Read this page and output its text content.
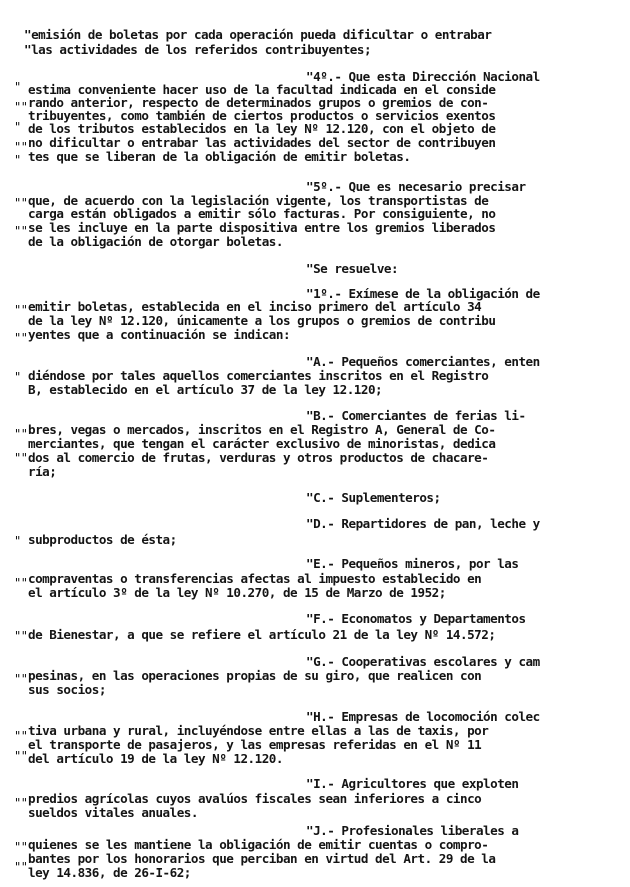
"emisión de boletas por cada operación pueda dificultar o entrabar
"las actividades de los referidos contribuyentes;
"4º.- Que esta Dirección Nacional
estima conveniente hacer uso de la facultad indicada en el conside
rando anterior, respecto de determinados grupos o gremios de con-
tribuyentes, como también de ciertos productos o servicios exentos
de los tributos establecidos en la ley Nº 12.120, con el objeto de
no dificultar o entrabar las actividades del sector de contribuyen
tes que se liberan de la obligación de emitir boletas.
"5º.- Que es necesario precisar
que, de acuerdo con la legislación vigente, los transportistas de
carga están obligados a emitir sólo facturas. Por consiguiente, no
se les incluye en la parte dispositiva entre los gremios liberados
de la obligación de otorgar boletas.
"Se resuelve:
"1º.- Exímese de la obligación de
emitir boletas, establecida en el inciso primero del artículo 34
de la ley Nº 12.120, únicamente a los grupos o gremios de contribu
yentes que a continuación se indican:
"A.- Pequeños comerciantes, enten
diéndose por tales aquellos comerciantes inscritos en el Registro
B, establecido en el artículo 37 de la ley 12.120;
"B.- Comerciantes de ferias li-
bres, vegas o mercados, inscritos en el Registro A, General de Co-
merciantes, que tengan el carácter exclusivo de minoristas, dedica
dos al comercio de frutas, verduras y otros productos de chacare-
ría;
"C.- Suplementeros;
"D.- Repartidores de pan, leche y
subproductos de ésta;
"E.- Pequeños mineros, por las
compraventas o transferencias afectas al impuesto establecido en
el artículo 3º de la ley Nº 10.270, de 15 de Marzo de 1952;
"F.- Economatos y Departamentos
de Bienestar, a que se refiere el artículo 21 de la ley Nº 14.572;
"G.- Cooperativas escolares y cam
pesinas, en las operaciones propias de su giro, que realicen con
sus socios;
"H.- Empresas de locomoción colec
tiva urbana y rural, incluyéndose entre ellas a las de taxis, por
el transporte de pasajeros, y las empresas referidas en el Nº 11
del artículo 19 de la ley Nº 12.120.
"I.- Agricultores que exploten
predios agrícolas cuyos avalúos fiscales sean inferiores a cinco
sueldos vitales anuales.
"J.- Profesionales liberales a
quienes se les mantiene la obligación de emitir cuentas o compro-
bantes por los honorarios que perciban en virtud del Art. 29 de la
ley 14.836, de 26-I-62;
"
""
"
""
"
""
""
""
""
"
""
""
"
""
""
""
""
""
""
""
""
